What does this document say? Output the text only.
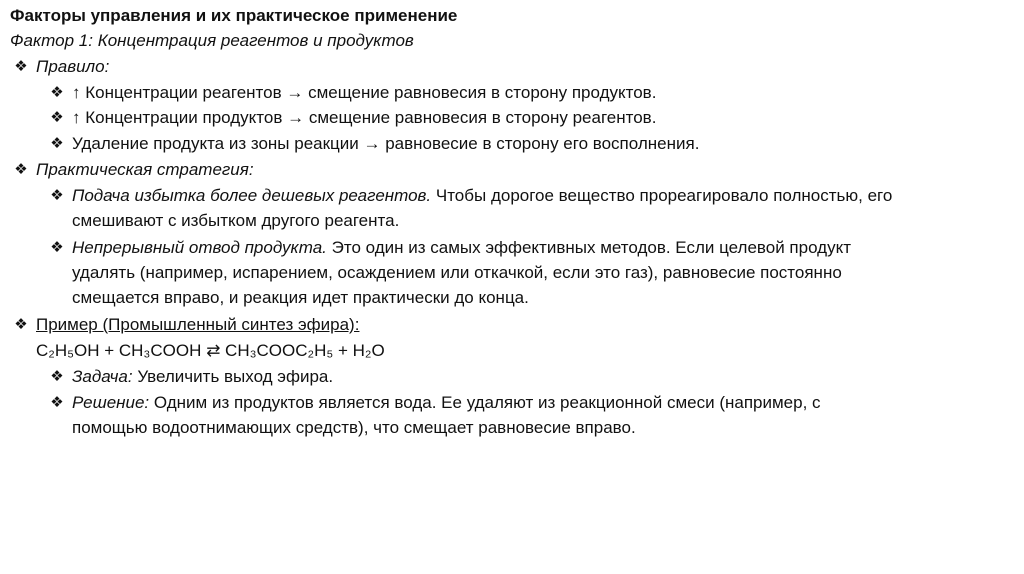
Факторы управления и их практическое применение
Фактор 1: Концентрация реагентов и продуктов
❖ Правило:
❖ ↑ Концентрации реагентов → смещение равновесия в сторону продуктов.
❖ ↑ Концентрации продуктов → смещение равновесия в сторону реагентов.
❖ Удаление продукта из зоны реакции → равновесие в сторону его восполнения.
❖ Практическая стратегия:
❖ Подача избытка более дешевых реагентов. Чтобы дорогое вещество прореагировало полностью, его
смешивают с избытком другого реагента.
❖ Непрерывный отвод продукта. Это один из самых эффективных методов. Если целевой продукт
удалять (например, испарением, осаждением или откачкой, если это газ), равновесие постоянно
смещается вправо, и реакция идет практически до конца.
❖ Пример (Промышленный синтез эфира):
C₂H₅OH + CH₃COOH ⇄ CH₃COOC₂H₅ + H₂O
❖ Задача: Увеличить выход эфира.
❖ Решение: Одним из продуктов является вода. Ее удаляют из реакционной смеси (например, с
помощью водоотнимающих средств), что смещает равновесие вправо.
